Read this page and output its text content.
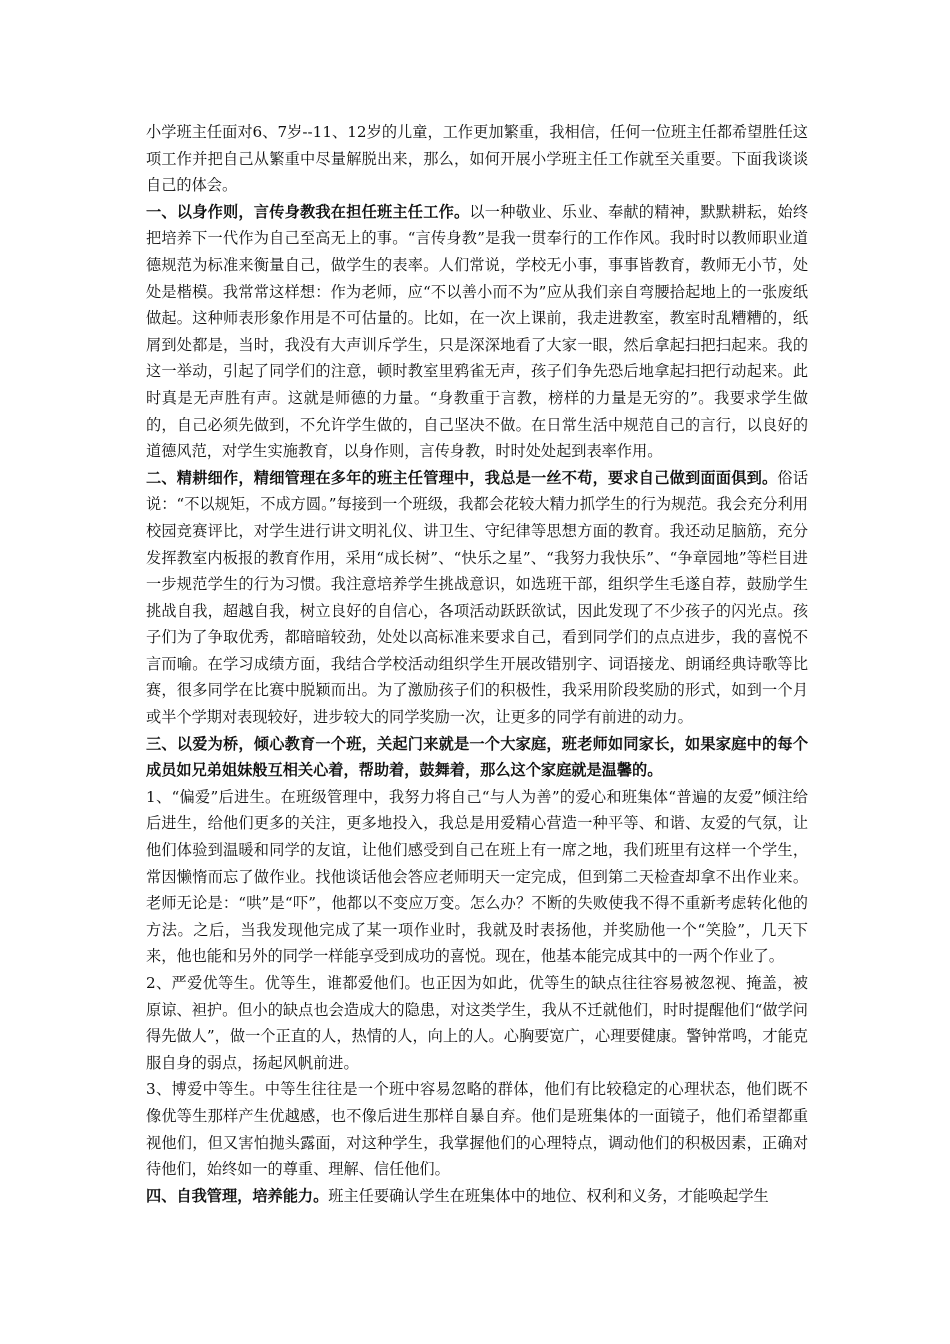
小学班主任面对6、7岁--11、12岁的儿童，工作更加繁重，我相信，任何一位班主任都希望胜任这项工作并把自己从繁重中尽量解脱出来，那么，如何开展小学班主任工作就至关重要。下面我谈谈自己的体会。

一、以身作则，言传身教我在担任班主任工作。以一种敬业、乐业、奉献的精神，默默耕耘，始终把培养下一代作为自己至高无上的事。“言传身教”是我一贯奉行的工作作风。我时时以教师职业道德规范为标准来衡量自己，做学生的表率。人们常说，学校无小事，事事皆教育，教师无小节，处处是楷模。我常常这样想：作为老师，应“不以善小而不为”应从我们亲自弯腰拾起地上的一张废纸做起。这种师表形象作用是不可估量的。比如，在一次上课前，我走进教室，教室时乱糟糟的，纸屑到处都是，当时，我没有大声训斥学生，只是深深地看了大家一眼，然后拿起扫把扫起来。我的这一举动，引起了同学们的注意，顿时教室里鸦雀无声，孩子们争先恐后地拿起扫把行动起来。此时真是无声胜有声。这就是师德的力量。“身教重于言教，榜样的力量是无穷的”。我要求学生做的，自己必须先做到，不允许学生做的，自己坚决不做。在日常生活中规范自己的言行，以良好的道德风范，对学生实施教育，以身作则，言传身教，时时处处起到表率作用。

二、精耕细作，精细管理在多年的班主任管理中，我总是一丝不苟，要求自己做到面面俱到。俗话说：“不以规矩，不成方圆。”每接到一个班级，我都会花较大精力抓学生的行为规范。我会充分利用校园竞赛评比，对学生进行讲文明礼仪、讲卫生、守纪律等思想方面的教育。我还动足脑筋，充分发挥教室内板报的教育作用，采用“成长树”、“快乐之星”、“我努力我快乐”、“争章园地”等栏目进一步规范学生的行为习惯。我注意培养学生挑战意识，如选班干部，组织学生毛遂自荐，鼓励学生挑战自我，超越自我，树立良好的自信心，各项活动跃跃欲试，因此发现了不少孩子的闪光点。孩子们为了争取优秀，都暗暗较劲，处处以高标准来要求自己，看到同学们的点点进步，我的喜悦不言而喻。在学习成绩方面，我结合学校活动组织学生开展改错别字、词语接龙、朗诵经典诗歌等比赛，很多同学在比赛中脱颖而出。为了激励孩子们的积极性，我采用阶段奖励的形式，如到一个月或半个学期对表现较好，进步较大的同学奖励一次，让更多的同学有前进的动力。

三、以爱为桥，倾心教育一个班，关起门来就是一个大家庭，班老师如同家长，如果家庭中的每个成员如兄弟姐妹般互相关心着，帮助着，鼓舞着，那么这个家庭就是温馨的。

1、“偏爱”后进生。在班级管理中，我努力将自己“与人为善”的爱心和班集体“普遍的友爱”倾注给后进生，给他们更多的关注，更多地投入，我总是用爱精心营造一种平等、和谐、友爱的气氛，让他们体验到温暖和同学的友谊，让他们感受到自己在班上有一席之地，我们班里有这样一个学生，常因懒惰而忘了做作业。找他谈话他会答应老师明天一定完成，但到第二天检查却拿不出作业来。老师无论是：“哄”是“吓”，他都以不变应万变。怎么办？不断的失败使我不得不重新考虑转化他的方法。之后，当我发现他完成了某一项作业时，我就及时表扬他，并奖励他一个“笑脸”，几天下来，他也能和另外的同学一样能享受到成功的喜悦。现在，他基本能完成其中的一两个作业了。

2、严爱优等生。优等生，谁都爱他们。也正因为如此，优等生的缺点往往容易被忽视、掩盖，被原谅、袒护。但小的缺点也会造成大的隐患，对这类学生，我从不迁就他们，时时提醒他们“做学问得先做人”，做一个正直的人，热情的人，向上的人。心胸要宽广，心理要健康。警钟常鸣，才能克服自身的弱点，扬起风帆前进。

3、博爱中等生。中等生往往是一个班中容易忽略的群体，他们有比较稳定的心理状态，他们既不像优等生那样产生优越感，也不像后进生那样自暴自弃。他们是班集体的一面镜子，他们希望都重视他们，但又害怕抛头露面，对这种学生，我掌握他们的心理特点，调动他们的积极因素，正确对待他们，始终如一的尊重、理解、信任他们。

四、自我管理，培养能力。班主任要确认学生在班集体中的地位、权利和义务，才能唤起学生
